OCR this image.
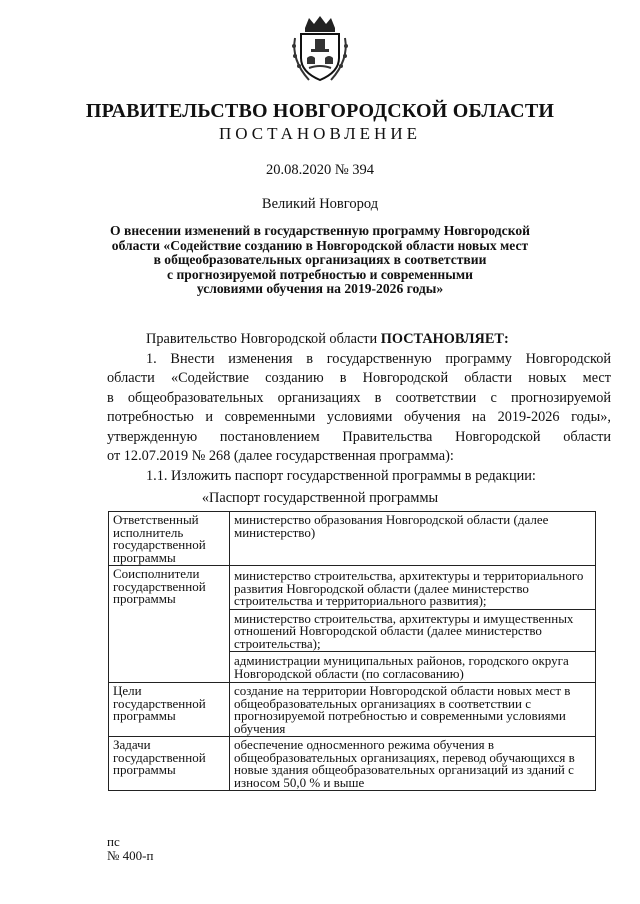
ПРАВИТЕЛЬСТВО НОВГОРОДСКОЙ ОБЛАСТИ
ПОСТАНОВЛЕНИЕ
20.08.2020 № 394
Великий Новгород
О внесении изменений в государственную программу Новгородской
области «Содействие созданию в Новгородской области новых мест
в общеобразовательных организациях в соответствии
с прогнозируемой потребностью и современными
условиями обучения на 2019-2026 годы»
Правительство Новгородской области ПОСТАНОВЛЯЕТ:
1. Внести изменения в государственную программу Новгородской
области «Содействие созданию в Новгородской области новых мест
в общеобразовательных организациях в соответствии с прогнозируемой
потребностью и современными условиями обучения на 2019-2026 годы»,
утвержденную постановлением Правительства Новгородской области
от 12.07.2019 № 268 (далее государственная программа):
1.1. Изложить паспорт государственной программы в редакции:
«Паспорт государственной программы
Ответственный исполнитель государственной программы	министерство образования Новгородской области (далее министерство)
Соисполнители государственной программы	министерство строительства, архитектуры и территориального развития Новгородской области (далее министерство строительства и территориального развития);
министерство строительства, архитектуры и имущественных отношений Новгородской области (далее министерство строительства);
администрации муниципальных районов, городского округа Новгородской области (по согласованию)

Цели государственной программы	создание на территории Новгородской области новых мест в общеобразовательных организациях в соответствии с прогнозируемой потребностью и современными условиями обучения
Задачи государственной программы	обеспечение односменного режима обучения в общеобразовательных организациях, перевод обучающихся в новые здания общеобразовательных организаций из зданий с износом 50,0 % и выше
пс
№ 400-п
